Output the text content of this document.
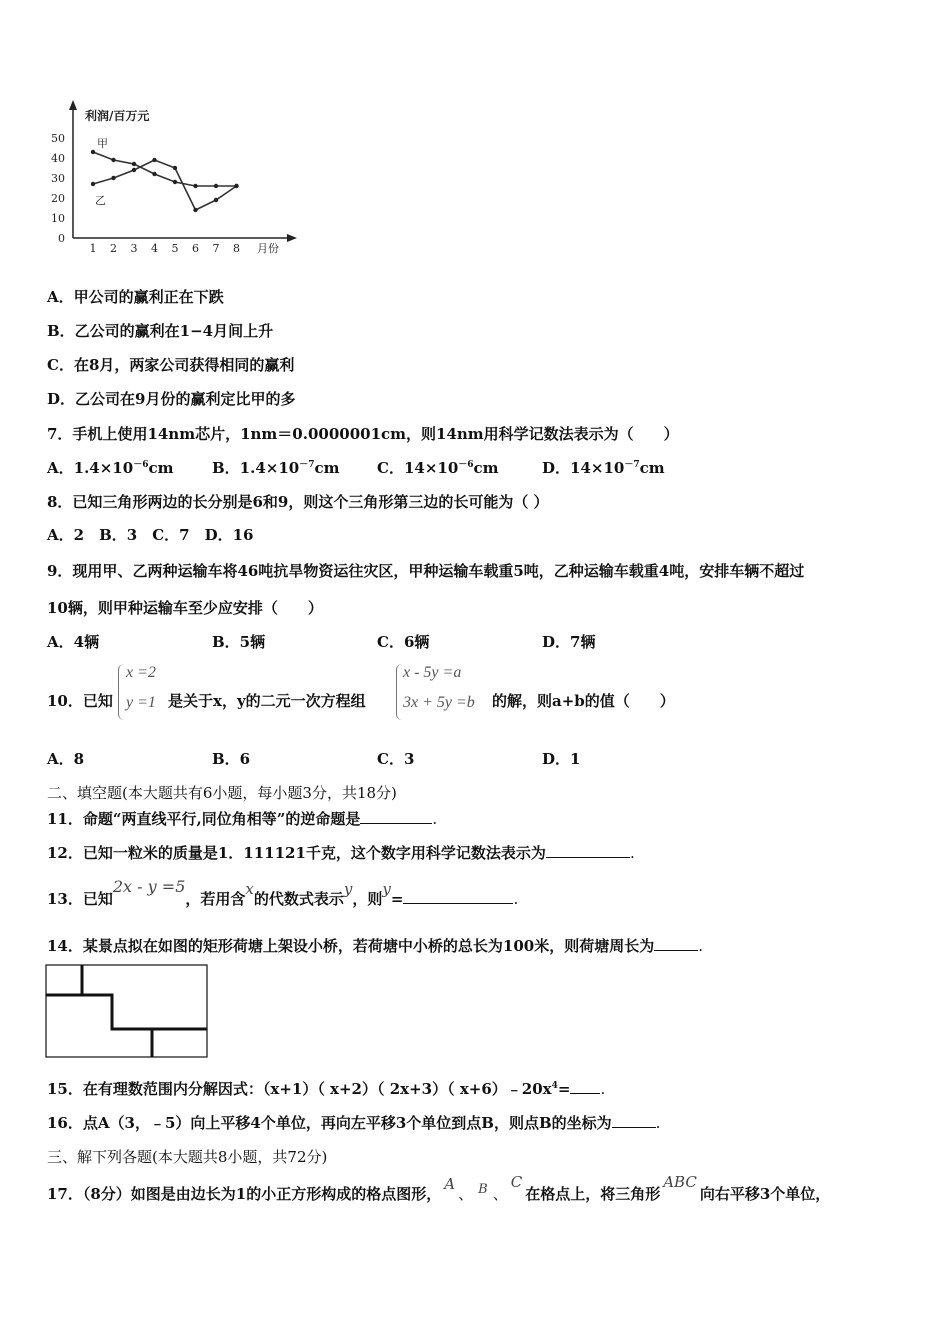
利润/百万元
月份
0
10
20
30
40
50
1 2 3 4 5 6 7 8
甲
乙
A．甲公司的赢利正在下跌
B．乙公司的赢利在1−4月间上升
C．在8月，两家公司获得相同的赢利
D．乙公司在9月份的赢利定比甲的多
7．手机上使用14nm芯片，1nm＝0.0000001cm，则14nm用科学记数法表示为（　　）
A．$1.4\times 10^{-6}cm$	B．$1.4\times 10^{-7}cm$	C．$14\times 10^{-6}cm$	D．$14\times 10^{-7}cm$
8．已知三角形两边的长分别是6和9，则这个三角形第三边的长可能为（ ）
A．2　B．3　C．7　D．16
9．现用甲、乙两种运输车将46吨抗旱物资运往灾区，甲种运输车载重5吨，乙种运输车载重4吨，安排车辆不超过
10辆，则甲种运输车至少应安排（　　）
A．4辆	B．5辆	C．6辆	D．7辆
10．已知
x =2
y =1 是关于x，y的二元一次方程组
x - 5y =a
3x + 5y =b 的解，则a+b的值（　　）
A．8	B．6	C．3	D．1
二、填空题(本大题共有6小题，每小题3分，共18分)
11．命题“两直线平行,同位角相等”的逆命题是	.
12．已知一粒米的质量是1．111121千克，这个数字用科学记数法表示为	.
13．已知2x - y =5，若用含x的代数式表示y，则y=	.
14．某景点拟在如图的矩形荷塘上架设小桥，若荷塘中小桥的总长为100米，则荷塘周长为	.
15．在有理数范围内分解因式：（x+1）（ x+2）（ 2x+3）（ $x+6)﹣20x^4=$ .
16．点A（3，﹣5）向上平移4个单位，再向左平移3个单位到点B，则点B的坐标为	.
三、解下列各题(本大题共8小题，共72分)
17．（8分）如图是由边长为1的小正方形构成的格点图形，A、 B 、C在格点上，将三角形ABC向右平移3个单位，
